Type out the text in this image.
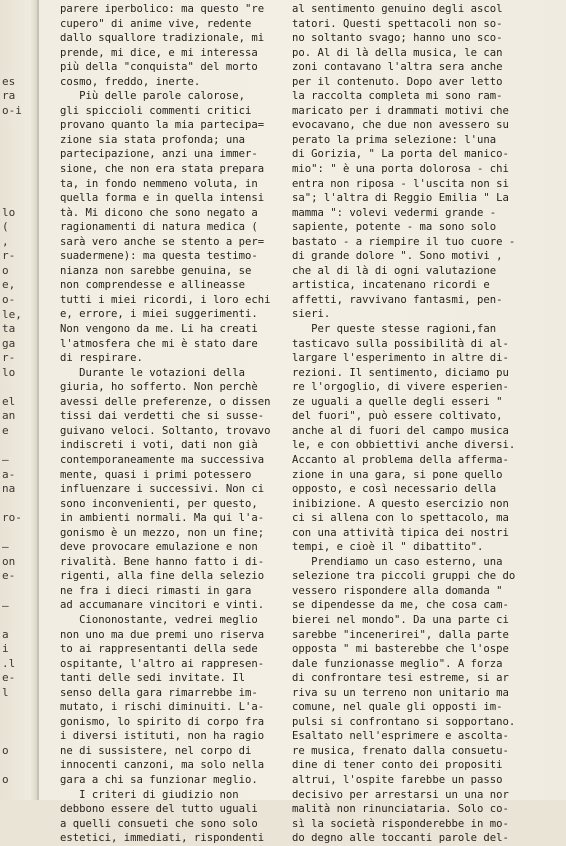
es
ra
o-i
lo
(
,
r-
o
e,
o-
le,
ta
ga
r-
lo
el
an
e
—
a-
na
ro-
—
on
e-
—
a
i
.l
e-
l
o
o
parere iperbolico: ma questo "re
cupero" di anime vive, redente
dallo squallore tradizionale, mi
prende, mi dice, e mi interessa
più della "conquista" del morto
cosmo, freddo, inerte.
Più delle parole calorose,
gli spiccioli commenti critici
provano quanto la mia partecipa=
zione sia stata profonda; una
partecipazione, anzi una immer-
sione, che non era stata prepara
ta, in fondo nemmeno voluta, in
quella forma e in quella intensi
tà. Mi dicono che sono negato a
ragionamenti di natura medica (
sarà vero anche se stento a per=
suadermene): ma questa testimo-
nianza non sarebbe genuina, se
non comprendesse e allineasse
tutti i miei ricordi, i loro echi
e, errore, i miei suggerimenti.
Non vengono da me. Li ha creati
l'atmosfera che mi è stato dare
di respirare.
Durante le votazioni della
giuria, ho sofferto. Non perchè
avessi delle preferenze, o dissen
tissi dai verdetti che si susse-
guivano veloci. Soltanto, trovavo
indiscreti i voti, dati non già
contemporaneamente ma successiva
mente, quasi i primi potessero
influenzare i successivi. Non ci
sono inconvenienti, per questo,
in ambienti normali. Ma qui l'a-
gonismo è un mezzo, non un fine;
deve provocare emulazione e non
rivalità. Bene hanno fatto i di-
rigenti, alla fine della selezio
ne fra i dieci rimasti in gara
ad accumanare vincitori e vinti.
Ciononostante, vedrei meglio
non uno ma due premi uno riserva
to ai rappresentanti della sede
ospitante, l'altro ai rappresen-
tanti delle sedi invitate. Il
senso della gara rimarrebbe im-
mutato, i rischi diminuiti. L'a-
gonismo, lo spirito di corpo fra
i diversi istituti, non ha ragio
ne di sussistere, nel corpo di
innocenti canzoni, ma solo nella
gara a chi sa funzionar meglio.
I criteri di giudizio non
debbono essere del tutto uguali
a quelli consueti che sono solo
estetici, immediati, rispondenti
al sentimento genuino degli ascol
tatori. Questi spettacoli non so-
no soltanto svago; hanno uno sco-
po. Al di là della musica, le can
zoni contavano l'altra sera anche
per il contenuto. Dopo aver letto
la raccolta completa mi sono ram-
maricato per i drammati motivi che
evocavano, che due non avessero su
perato la prima selezione: l'una
di Gorizia, " La porta del manico-
mio": " è una porta dolorosa - chi
entra non riposa - l'uscita non si
sa"; l'altra di Reggio Emilia " La
mamma ": volevi vedermi grande -
sapiente, potente - ma sono solo
bastato - a riempire il tuo cuore -
di grande dolore ". Sono motivi ,
che al di là di ogni valutazione
artistica, incatenano ricordi e
affetti, ravvivano fantasmi, pen-
sieri.
Per queste stesse ragioni,fan
tasticavo sulla possibilità di al-
largare l'esperimento in altre di-
rezioni. Il sentimento, diciamo pu
re l'orgoglio, di vivere esperien-
ze uguali a quelle degli esseri "
del fuori", può essere coltivato,
anche al di fuori del campo musica
le, e con obbiettivi anche diversi.
Accanto al problema della afferma-
zione in una gara, si pone quello
opposto, e così necessario della
inibizione. A questo esercizio non
ci si allena con lo spettacolo, ma
con una attività tipica dei nostri
tempi, e cioè il " dibattito".
Prendiamo un caso esterno, una
selezione tra piccoli gruppi che do
vessero rispondere alla domanda "
se dipendesse da me, che cosa cam-
bierei nel mondo". Da una parte ci
sarebbe "incenerirei", dalla parte
opposta " mi basterebbe che l'ospe
dale funzionasse meglio". A forza
di confrontare tesi estreme, si ar
riva su un terreno non unitario ma
comune, nel quale gli opposti im-
pulsi si confrontano si sopportano.
Esaltato nell'esprimere e ascolta-
re musica, frenato dalla consuetu-
dine di tener conto dei propositi
altrui, l'ospite farebbe un passo
decisivo per arrestarsi un una nor
malità non rinunciataria. Solo co-
sì la società risponderebbe in mo-
do degno alle toccanti parole del-
